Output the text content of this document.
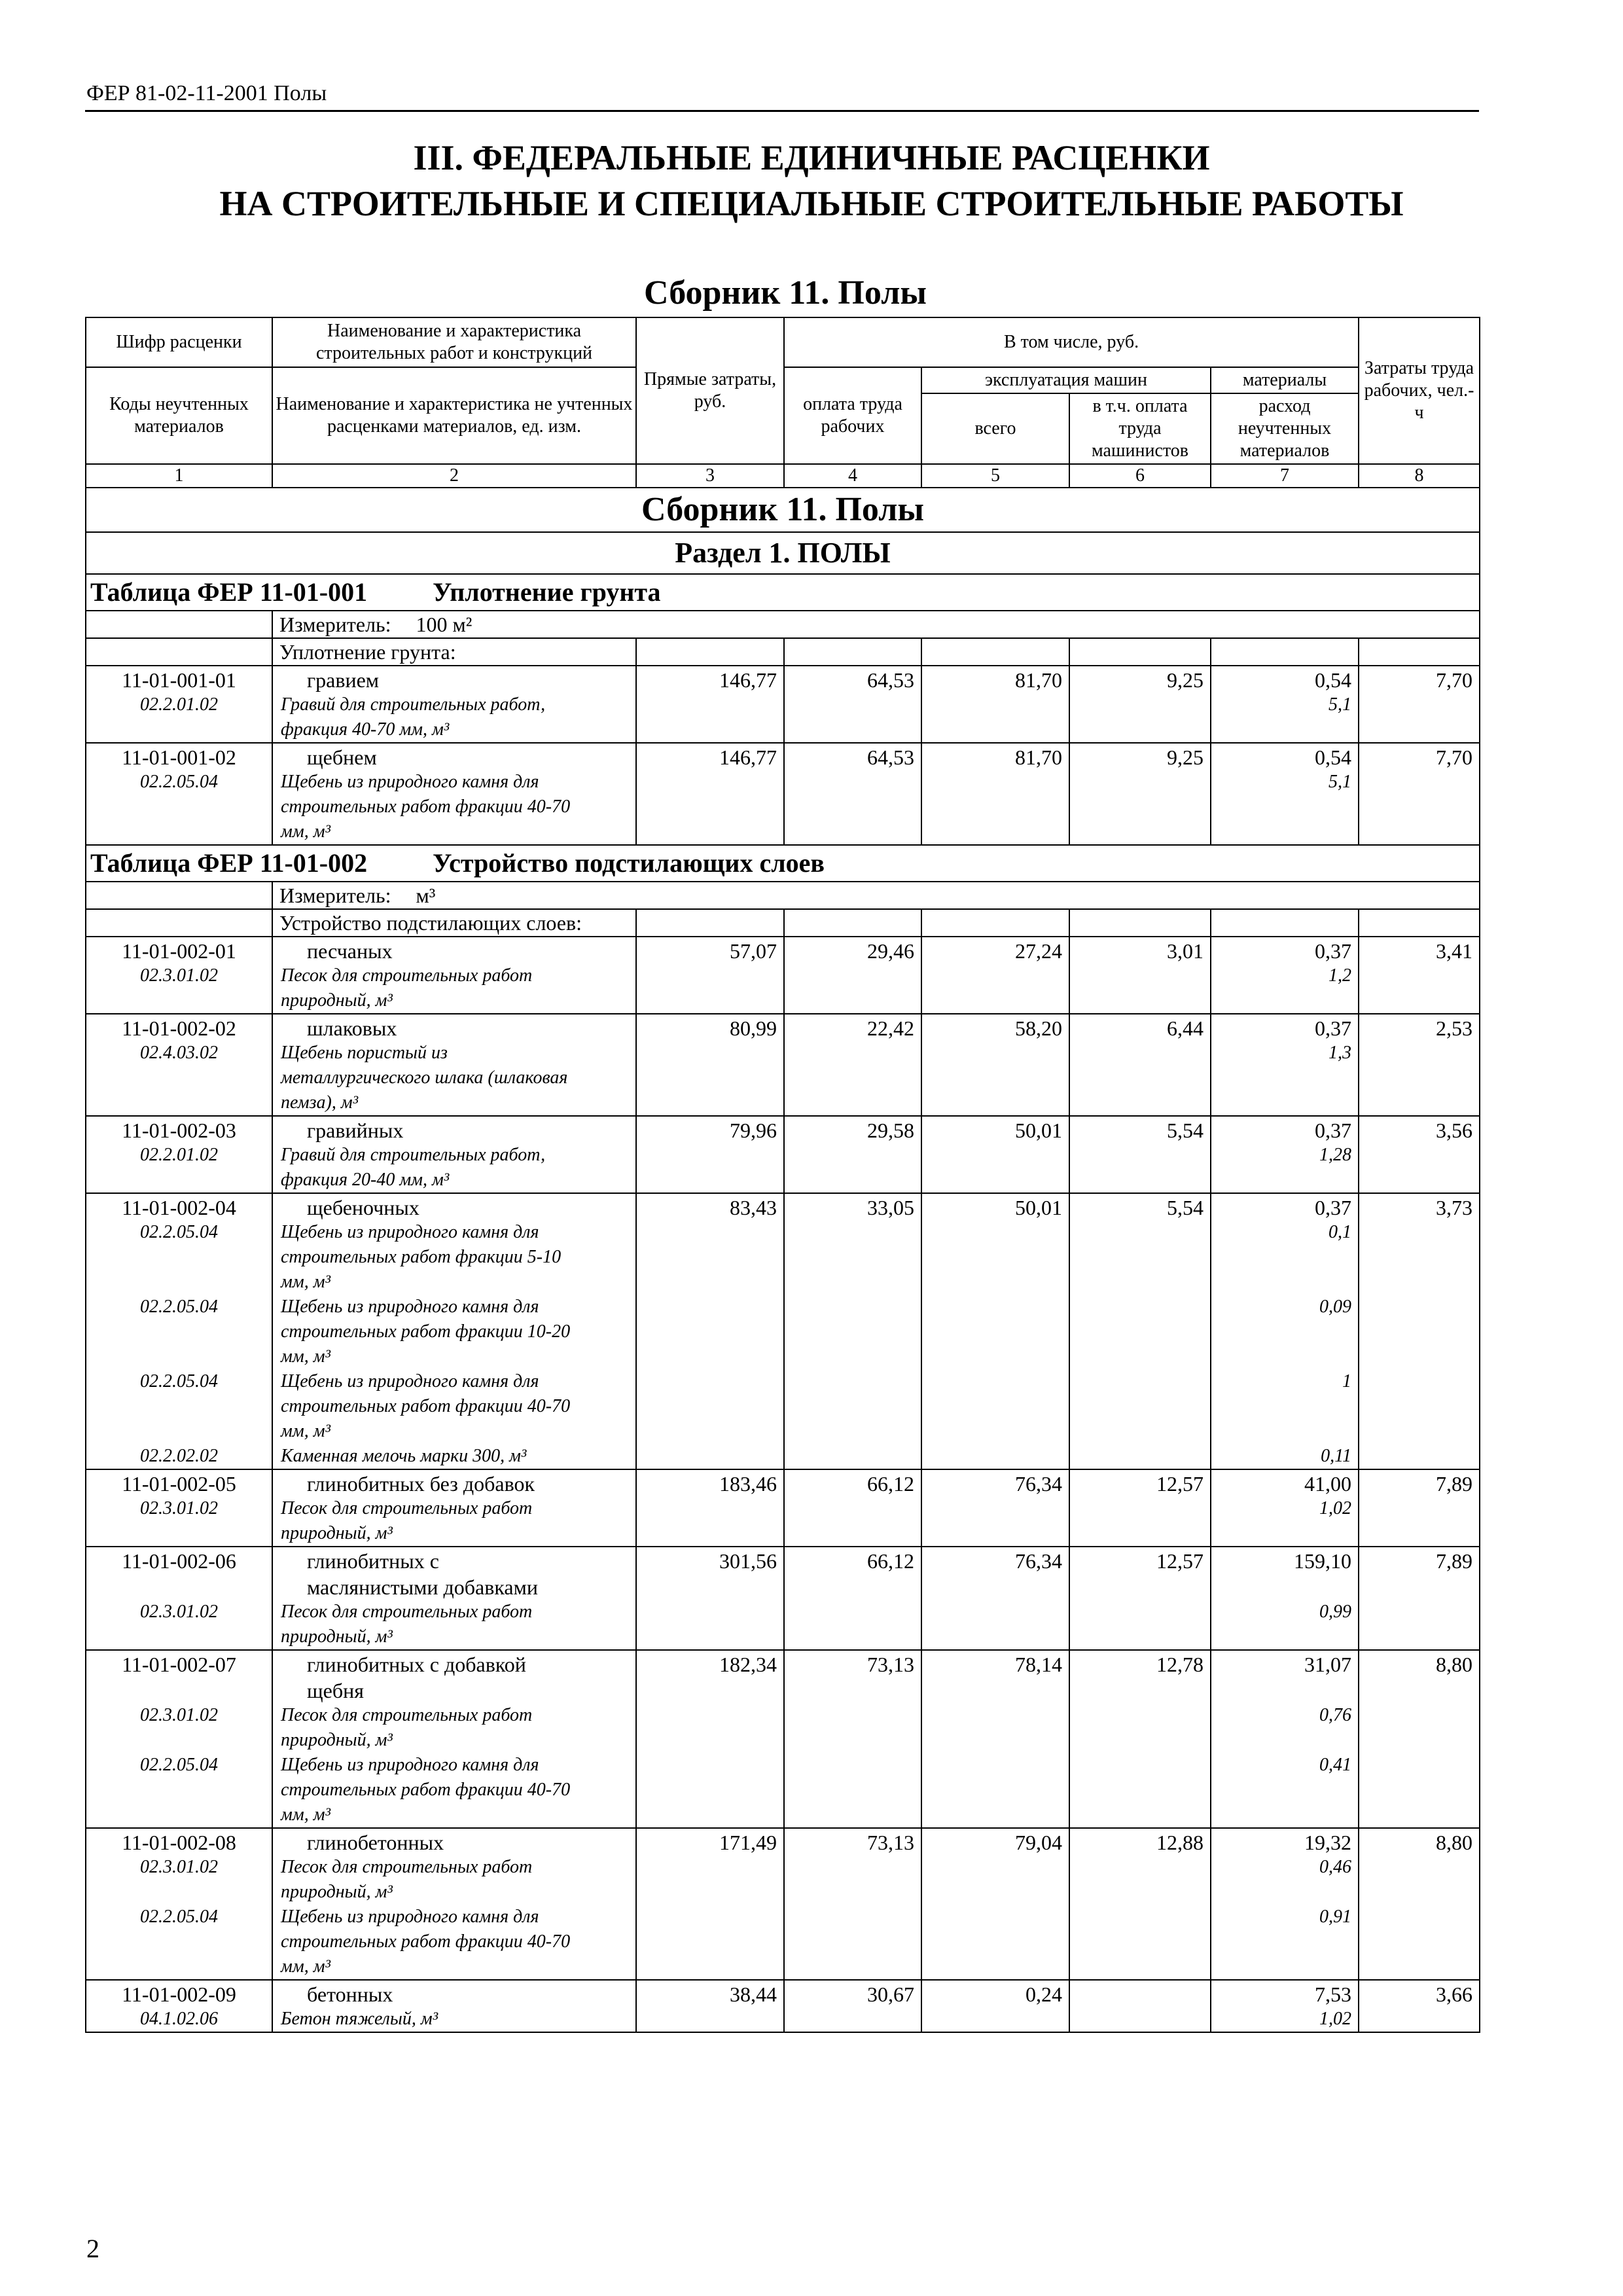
ФЕР 81-02-11-2001 Полы
III. ФЕДЕРАЛЬНЫЕ ЕДИНИЧНЫЕ РАСЦЕНКИ
НА СТРОИТЕЛЬНЫЕ И СПЕЦИАЛЬНЫЕ СТРОИТЕЛЬНЫЕ РАБОТЫ
Сборник 11. Полы
Шифр расценки	Наименование и характеристика строительных работ и конструкций	Прямые затраты, руб.	В том числе, руб.				Затраты труда рабочих, чел.-ч
Коды неучтенных материалов	Наименование и характеристика не учтенных расценками материалов, ед. изм.		оплата труда рабочих	эксплуатация машин		материалы	
				всего	в т.ч. оплата труда машинистов	расход неучтенных материалов	
1	2	3	4	5	6	7	8
Сборник 11. Полы							
Раздел 1. ПОЛЫ							
Таблица ФЕР 11-01-001 Уплотнение грунта							
	Измеритель: 100 м²						
	Уплотнение грунта:						
11-01-001-01	гравием	146,77	64,53	81,70	9,25	0,54	7,70
02.2.01.02	Гравий для строительных работ,					5,1	
	фракция 40-70 мм, м³						
11-01-001-02	щебнем	146,77	64,53	81,70	9,25	0,54	7,70
02.2.05.04	Щебень из природного камня для					5,1	
	строительных работ фракции 40-70						
	мм, м³						
Таблица ФЕР 11-01-002 Устройство подстилающих слоев							
	Измеритель: м³						
	Устройство подстилающих слоев:						
11-01-002-01	песчаных	57,07	29,46	27,24	3,01	0,37	3,41
02.3.01.02	Песок для строительных работ					1,2	
	природный, м³						
11-01-002-02	шлаковых	80,99	22,42	58,20	6,44	0,37	2,53
02.4.03.02	Щебень пористый из					1,3	
	металлургического шлака (шлаковая						
	пемза), м³						
11-01-002-03	гравийных	79,96	29,58	50,01	5,54	0,37	3,56
02.2.01.02	Гравий для строительных работ,					1,28	
	фракция 20-40 мм, м³						
11-01-002-04	щебеночных	83,43	33,05	50,01	5,54	0,37	3,73
02.2.05.04	Щебень из природного камня для					0,1	
	строительных работ фракции 5-10						
	мм, м³						
02.2.05.04	Щебень из природного камня для					0,09	
	строительных работ фракции 10-20						
	мм, м³						
02.2.05.04	Щебень из природного камня для					1	
	строительных работ фракции 40-70						
	мм, м³						
02.2.02.02	Каменная мелочь марки 300, м³					0,11	
11-01-002-05	глинобитных без добавок	183,46	66,12	76,34	12,57	41,00	7,89
02.3.01.02	Песок для строительных работ					1,02	
	природный, м³						
11-01-002-06	глинобитных с	301,56	66,12	76,34	12,57	159,10	7,89
	маслянистыми добавками						
02.3.01.02	Песок для строительных работ					0,99	
	природный, м³						
11-01-002-07	глинобитных с добавкой	182,34	73,13	78,14	12,78	31,07	8,80
	щебня						
02.3.01.02	Песок для строительных работ					0,76	
	природный, м³						
02.2.05.04	Щебень из природного камня для					0,41	
	строительных работ фракции 40-70						
	мм, м³						
11-01-002-08	глинобетонных	171,49	73,13	79,04	12,88	19,32	8,80
02.3.01.02	Песок для строительных работ					0,46	
	природный, м³						
02.2.05.04	Щебень из природного камня для					0,91	
	строительных работ фракции 40-70						
	мм, м³						
11-01-002-09	бетонных	38,44	30,67	0,24		7,53	3,66
04.1.02.06	Бетон тяжелый, м³					1,02	
2
